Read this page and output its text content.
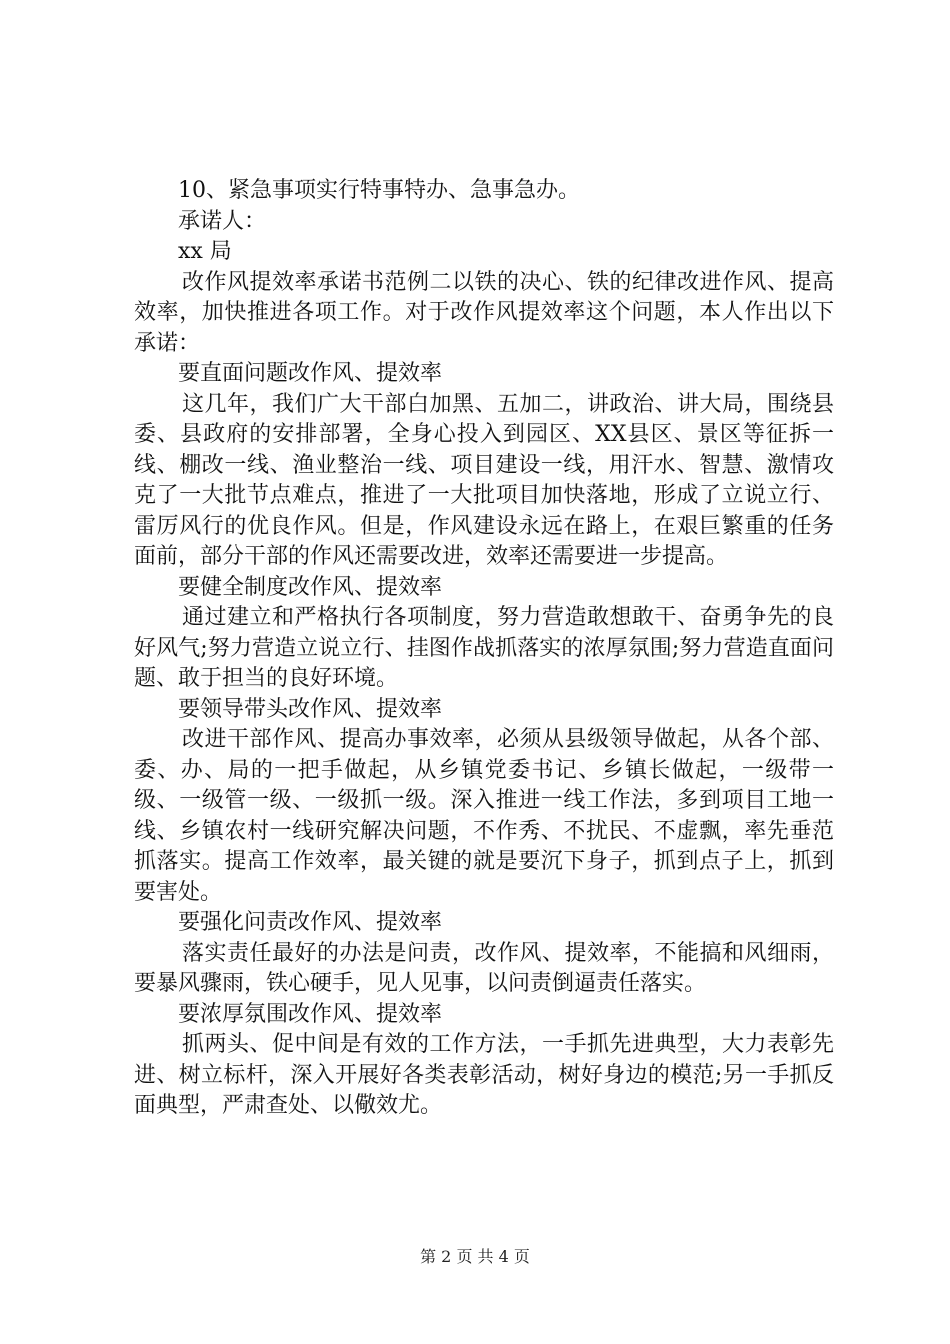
10、紧急事项实行特事特办、急事急办。
承诺人：
xx 局
改作风提效率承诺书范例二以铁的决心、铁的纪律改进作风、提高效率，加快推进各项工作。对于改作风提效率这个问题，本人作出以下承诺：
要直面问题改作风、提效率
这几年，我们广大干部白加黑、五加二，讲政治、讲大局，围绕县委、县政府的安排部署，全身心投入到园区、XX县区、景区等征拆一线、棚改一线、渔业整治一线、项目建设一线，用汗水、智慧、激情攻克了一大批节点难点，推进了一大批项目加快落地，形成了立说立行、雷厉风行的优良作风。但是，作风建设永远在路上，在艰巨繁重的任务面前，部分干部的作风还需要改进，效率还需要进一步提高。
要健全制度改作风、提效率
通过建立和严格执行各项制度，努力营造敢想敢干、奋勇争先的良好风气;努力营造立说立行、挂图作战抓落实的浓厚氛围;努力营造直面问题、敢于担当的良好环境。
要领导带头改作风、提效率
改进干部作风、提高办事效率，必须从县级领导做起，从各个部、委、办、局的一把手做起，从乡镇党委书记、乡镇长做起，一级带一级、一级管一级、一级抓一级。深入推进一线工作法，多到项目工地一线、乡镇农村一线研究解决问题，不作秀、不扰民、不虚飘，率先垂范抓落实。提高工作效率，最关键的就是要沉下身子，抓到点子上，抓到要害处。
要强化问责改作风、提效率
落实责任最好的办法是问责，改作风、提效率，不能搞和风细雨，要暴风骤雨，铁心硬手，见人见事，以问责倒逼责任落实。
要浓厚氛围改作风、提效率
抓两头、促中间是有效的工作方法，一手抓先进典型，大力表彰先进、树立标杆，深入开展好各类表彰活动，树好身边的模范;另一手抓反面典型，严肃查处、以儆效尤。
第 2 页 共 4 页
